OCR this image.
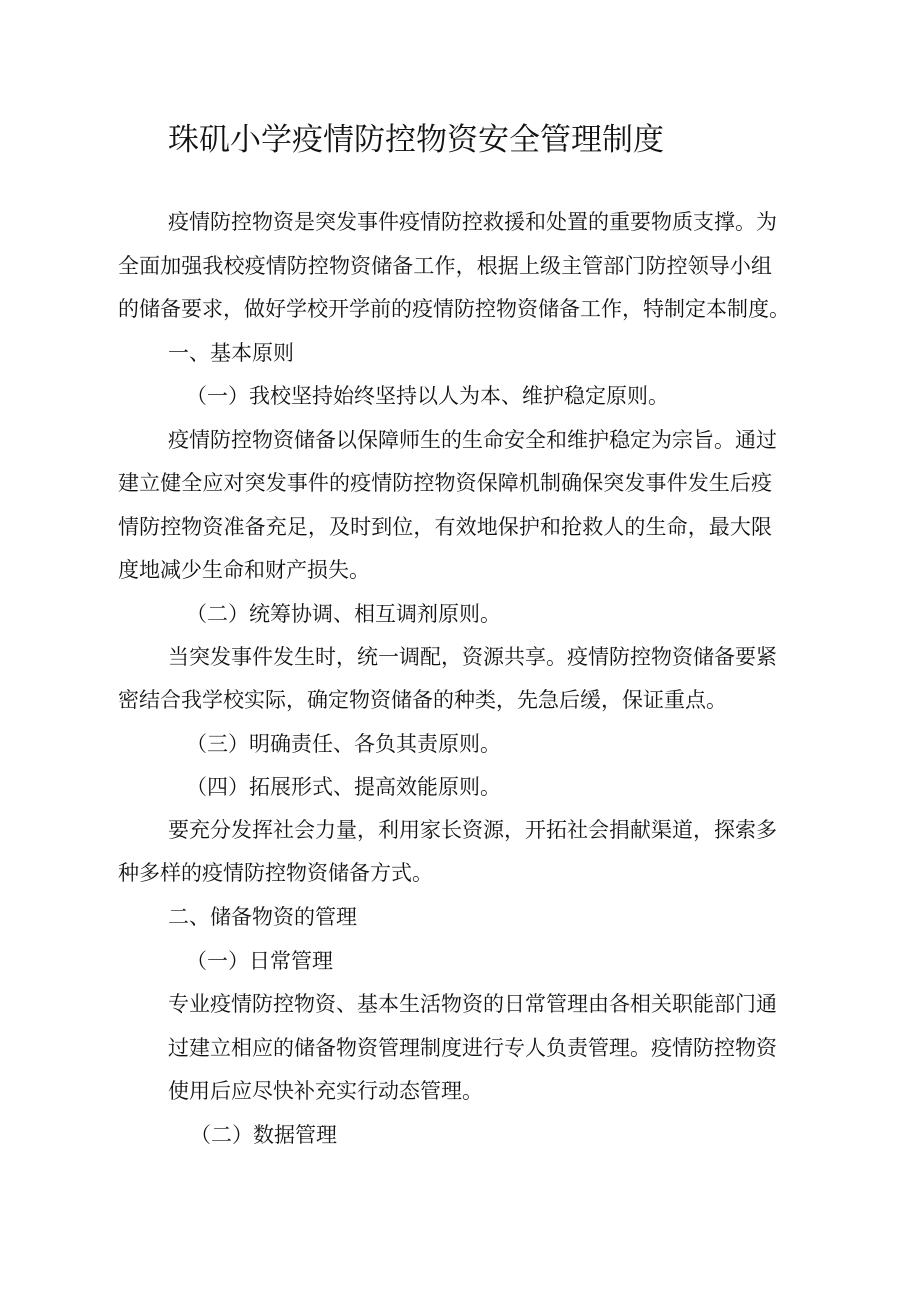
珠矶小学疫情防控物资安全管理制度

疫情防控物资是突发事件疫情防控救援和处置的重要物质支撑。为

全面加强我校疫情防控物资储备工作，根据上级主管部门防控领导小组

的储备要求，做好学校开学前的疫情防控物资储备工作，特制定本制度。

一、基本原则

（一）我校坚持始终坚持以人为本、维护稳定原则。

疫情防控物资储备以保障师生的生命安全和维护稳定为宗旨。通过

建立健全应对突发事件的疫情防控物资保障机制确保突发事件发生后疫

情防控物资准备充足，及时到位，有效地保护和抢救人的生命，最大限

度地减少生命和财产损失。

（二）统筹协调、相互调剂原则。

当突发事件发生时，统一调配，资源共享。疫情防控物资储备要紧

密结合我学校实际，确定物资储备的种类，先急后缓，保证重点。

（三）明确责任、各负其责原则。

（四）拓展形式、提高效能原则。

要充分发挥社会力量，利用家长资源，开拓社会捐献渠道，探索多

种多样的疫情防控物资储备方式。

二、储备物资的管理

（一）日常管理

专业疫情防控物资、基本生活物资的日常管理由各相关职能部门通

过建立相应的储备物资管理制度进行专人负责管理。疫情防控物资

使用后应尽快补充实行动态管理。

（二）数据管理
